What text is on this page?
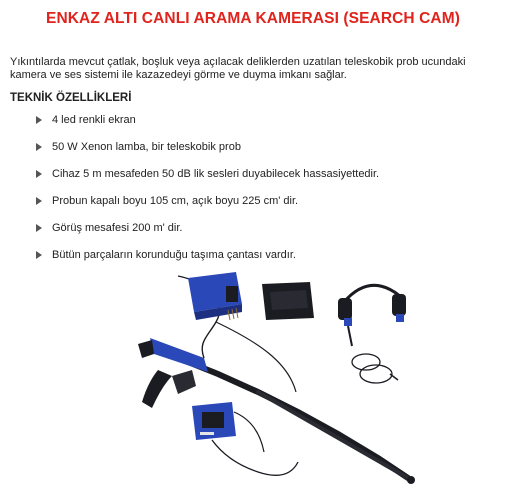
ENKAZ ALTI CANLI ARAMA KAMERASI (SEARCH CAM)
Yıkıntılarda mevcut çatlak, boşluk veya açılacak deliklerden uzatılan teleskobik prob ucundaki kamera ve ses sistemi ile kazazedeyi görme ve duyma imkanı sağlar.
TEKNİK ÖZELLİKLERİ
4 led renkli ekran
50 W Xenon lamba, bir teleskobik prob
Cihaz 5 m mesafeden 50 dB lik sesleri duyabilecek hassasiyettedir.
Probun kapalı boyu 105 cm, açık boyu 225 cm' dir.
Görüş mesafesi 200 m' dir.
Bütün parçaların korunduğu taşıma çantası vardır.
